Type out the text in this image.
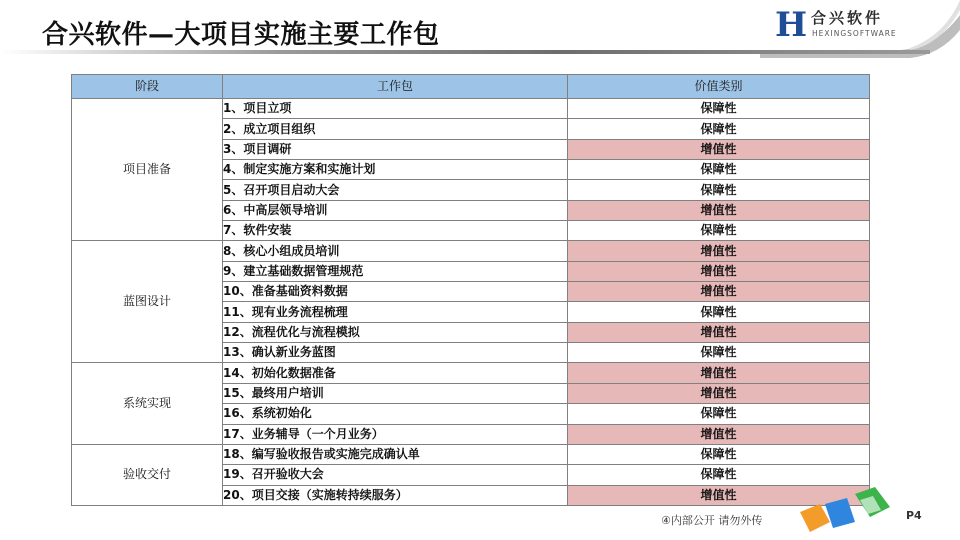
合兴软件—大项目实施主要工作包	H 合兴软件
HEXINGSOFTWARE
阶段	工作包	价值类别
项目准备	1、项目立项	保障性
	2、成立项目组织	保障性
	3、项目调研	增值性
	4、制定实施方案和实施计划	保障性
	5、召开项目启动大会	保障性
	6、中高层领导培训	增值性
	7、软件安装	保障性
蓝图设计	8、核心小组成员培训	增值性
	9、建立基础数据管理规范	增值性
	10、准备基础资料数据	增值性
	11、现有业务流程梳理	保障性
	12、流程优化与流程模拟	增值性
	13、确认新业务蓝图	保障性
系统实现	14、初始化数据准备	增值性
	15、最终用户培训	增值性
	16、系统初始化	保障性
	17、业务辅导（一个月业务）	增值性
验收交付	18、编写验收报告或实施完成确认单	保障性
	19、召开验收大会	保障性
	20、项目交接（实施转持续服务）	增值性
④内部公开 请勿外传	P4
